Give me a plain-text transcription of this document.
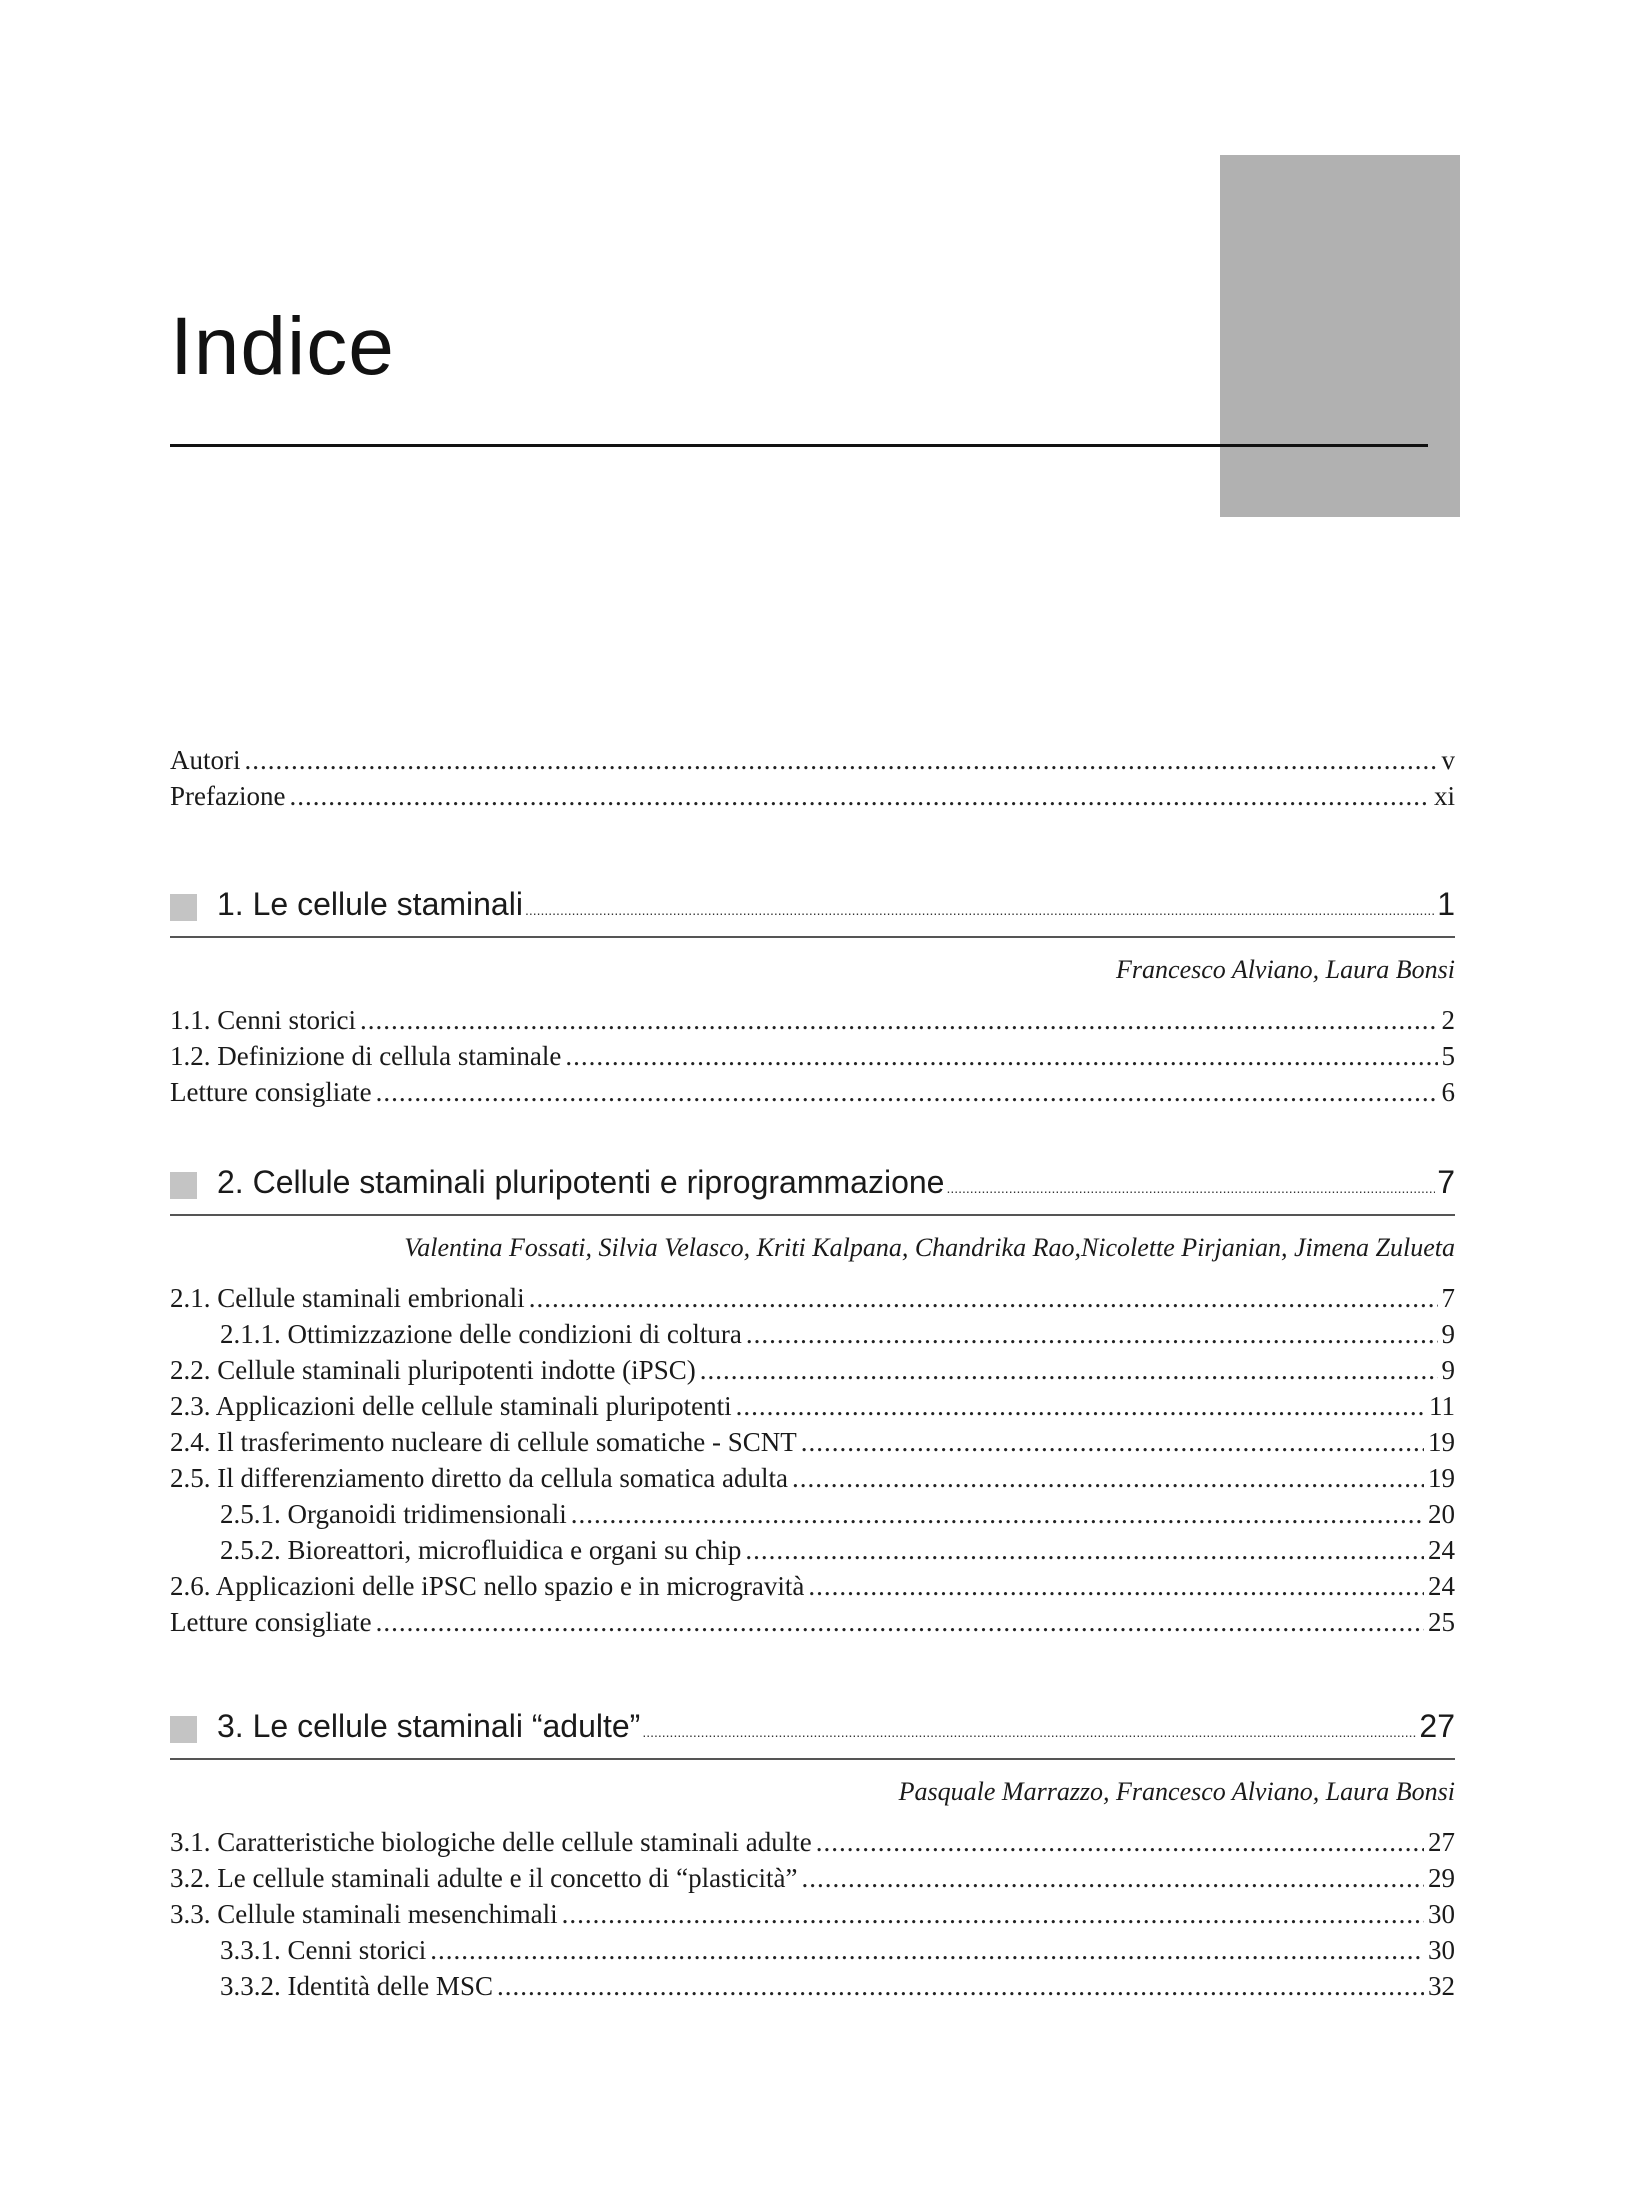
Indice
Autori .....	v
Prefazione .....	xi
1. Le cellule staminali .....	1
Francesco Alviano, Laura Bonsi
1.1. Cenni storici .....	2
1.2. Definizione di cellula staminale .....	5
Letture consigliate .....	6
2. Cellule staminali pluripotenti e riprogrammazione .....	7
Valentina Fossati, Silvia Velasco, Kriti Kalpana, Chandrika Rao,Nicolette Pirjanian, Jimena Zulueta
2.1. Cellule staminali embrionali .....	7
2.1.1. Ottimizzazione delle condizioni di coltura .....	9
2.2. Cellule staminali pluripotenti indotte (iPSC) .....	9
2.3. Applicazioni delle cellule staminali pluripotenti .....	11
2.4. Il trasferimento nucleare di cellule somatiche - SCNT .....	19
2.5. Il differenziamento diretto da cellula somatica adulta .....	19
2.5.1. Organoidi tridimensionali .....	20
2.5.2. Bioreattori, microfluidica e organi su chip .....	24
2.6. Applicazioni delle iPSC nello spazio e in microgravità .....	24
Letture consigliate .....	25
3. Le cellule staminali “adulte” .....	27
Pasquale Marrazzo, Francesco Alviano, Laura Bonsi
3.1. Caratteristiche biologiche delle cellule staminali adulte .....	27
3.2. Le cellule staminali adulte e il concetto di “plasticità” .....	29
3.3. Cellule staminali mesenchimali .....	30
3.3.1. Cenni storici .....	30
3.3.2. Identità delle MSC .....	32
